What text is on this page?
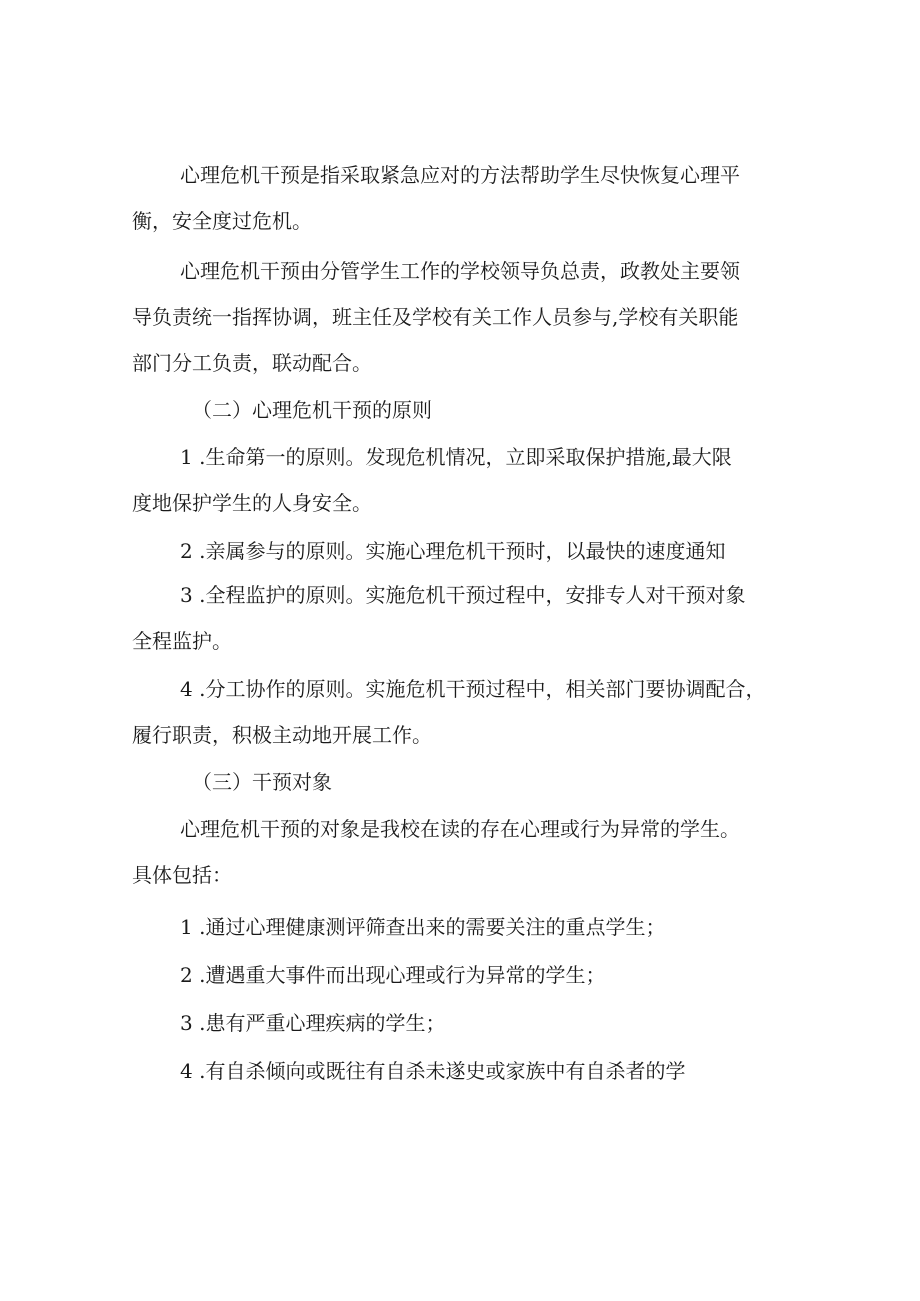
心理危机干预是指采取紧急应对的方法帮助学生尽快恢复心理平
衡，安全度过危机。
心理危机干预由分管学生工作的学校领导负总责，政教处主要领
导负责统一指挥协调，班主任及学校有关工作人员参与,学校有关职能
部门分工负责，联动配合。
（二）心理危机干预的原则
1 .生命第一的原则。发现危机情况，立即采取保护措施,最大限
度地保护学生的人身安全。
2 .亲属参与的原则。实施心理危机干预时，以最快的速度通知
3 .全程监护的原则。实施危机干预过程中，安排专人对干预对象
全程监护。
4 .分工协作的原则。实施危机干预过程中，相关部门要协调配合，
履行职责，积极主动地开展工作。
（三）干预对象
心理危机干预的对象是我校在读的存在心理或行为异常的学生。
具体包括：
1 .通过心理健康测评筛查出来的需要关注的重点学生；
2 .遭遇重大事件而出现心理或行为异常的学生；
3 .患有严重心理疾病的学生；
4 .有自杀倾向或既往有自杀未遂史或家族中有自杀者的学
